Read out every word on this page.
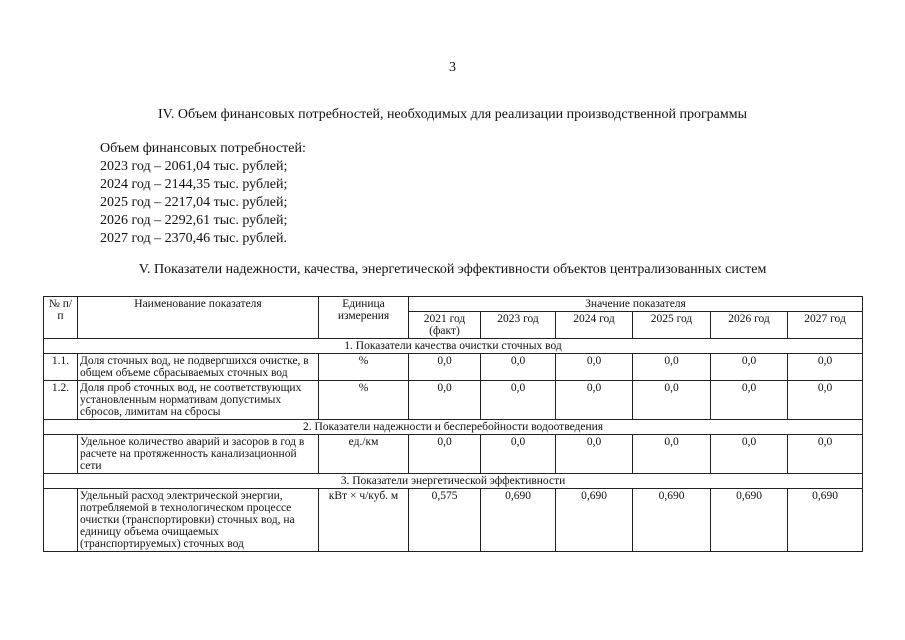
3
IV. Объем финансовых потребностей, необходимых для реализации производственной программы
Объем финансовых потребностей:
2023 год – 2061,04 тыс. рублей;
2024 год – 2144,35 тыс. рублей;
2025 год – 2217,04 тыс. рублей;
2026 год – 2292,61 тыс. рублей;
2027 год – 2370,46 тыс. рублей.
V. Показатели надежности, качества, энергетической эффективности объектов централизованных систем
№ п/п	Наименование показателя	Единица измерения	Значение показателя					
			2021 год (факт)	2023 год	2024 год	2025 год	2026 год	2027 год
1. Показатели качества очистки сточных вод								
1.1.	Доля сточных вод, не подвергшихся очистке, в общем объеме сбрасываемых сточных вод	%	0,0	0,0	0,0	0,0	0,0	0,0
1.2.	Доля проб сточных вод, не соответствующих установленным нормативам допустимых сбросов, лимитам на сбросы	%	0,0	0,0	0,0	0,0	0,0	0,0
2. Показатели надежности и бесперебойности водоотведения								
	Удельное количество аварий и засоров в год в расчете на протяженность канализационной сети	ед./км	0,0	0,0	0,0	0,0	0,0	0,0
3. Показатели энергетической эффективности								
	Удельный расход электрической энергии, потребляемой в технологическом процессе очистки (транспортировки) сточных вод, на единицу объема очищаемых (транспортируемых) сточных вод	кВт × ч/куб. м	0,575	0,690	0,690	0,690	0,690	0,690
